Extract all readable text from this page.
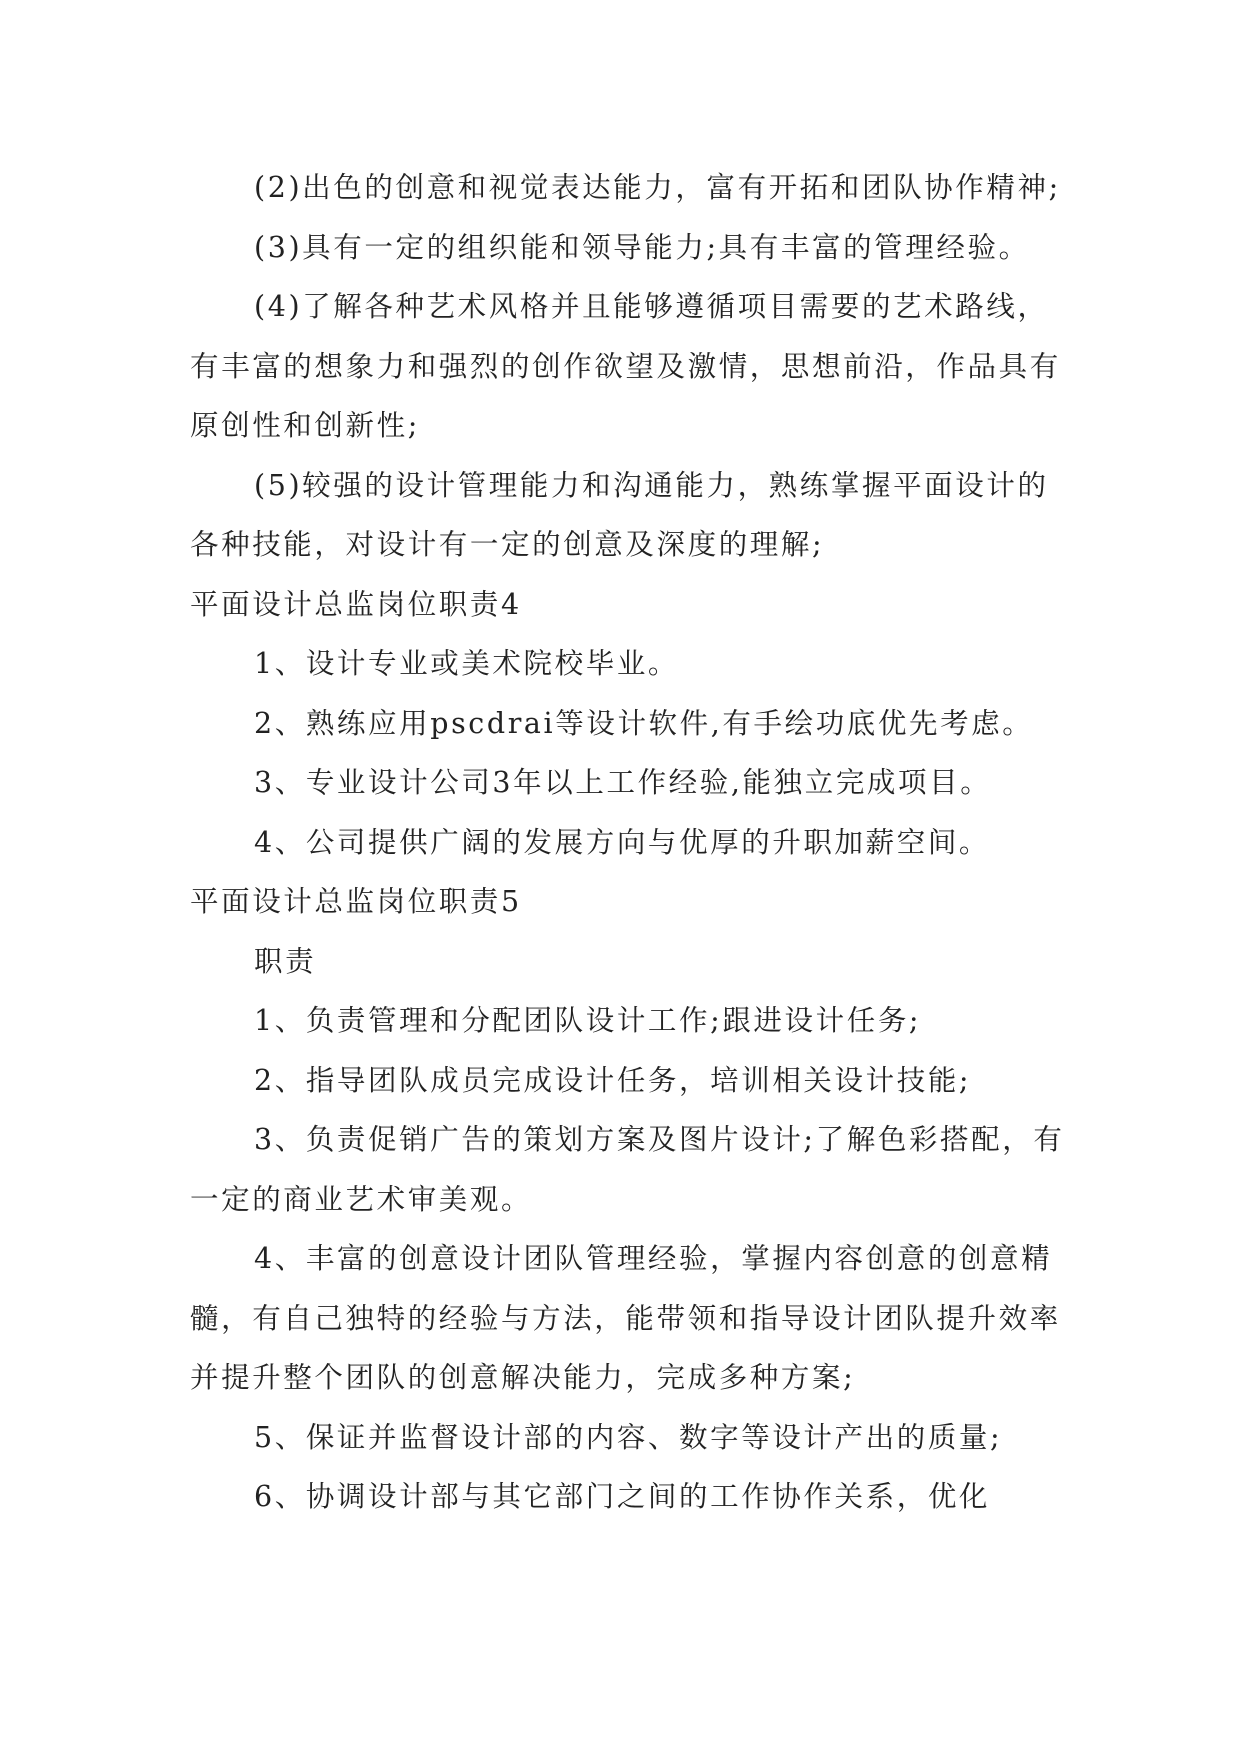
(2)出色的创意和视觉表达能力，富有开拓和团队协作精神;

(3)具有一定的组织能和领导能力;具有丰富的管理经验。

(4)了解各种艺术风格并且能够遵循项目需要的艺术路线，有丰富的想象力和强烈的创作欲望及激情，思想前沿，作品具有原创性和创新性;

(5)较强的设计管理能力和沟通能力，熟练掌握平面设计的各种技能，对设计有一定的创意及深度的理解;

平面设计总监岗位职责4

1、设计专业或美术院校毕业。

2、熟练应用pscdrai等设计软件,有手绘功底优先考虑。

3、专业设计公司3年以上工作经验,能独立完成项目。

4、公司提供广阔的发展方向与优厚的升职加薪空间。

平面设计总监岗位职责5

职责

1、负责管理和分配团队设计工作;跟进设计任务;

2、指导团队成员完成设计任务，培训相关设计技能;

3、负责促销广告的策划方案及图片设计;了解色彩搭配，有一定的商业艺术审美观。

4、丰富的创意设计团队管理经验，掌握内容创意的创意精髓，有自己独特的经验与方法，能带领和指导设计团队提升效率并提升整个团队的创意解决能力，完成多种方案;

5、保证并监督设计部的内容、数字等设计产出的质量;

6、协调设计部与其它部门之间的工作协作关系，优化
